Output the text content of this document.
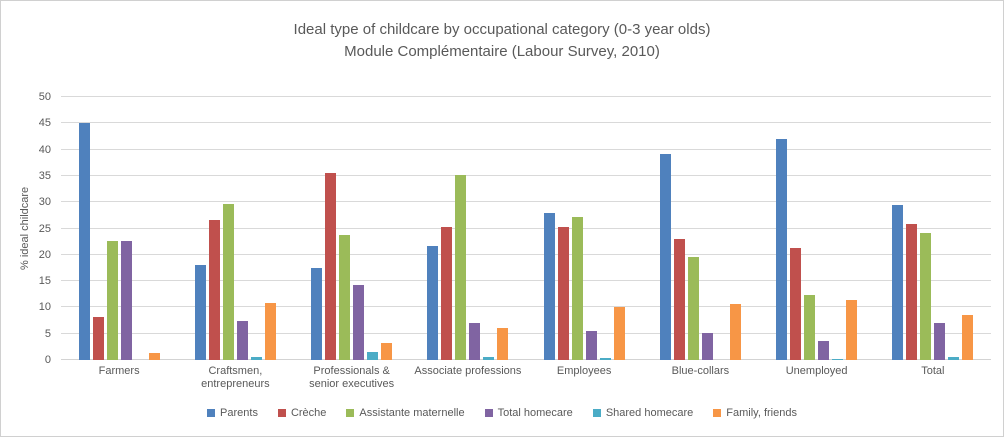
Ideal type of childcare by occupational category (0-3 year olds)
Module Complémentaire (Labour Survey, 2010)
% ideal childcare
0
5
10
15
20
25
30
35
40
45
50
Farmers	Craftsmen, entrepreneurs
Professionals & senior executives
Associate professions	Employees	Blue-collars	Unemployed	Total
Parents	Crèche	Assistante maternelle	Total homecare	Shared homecare	Family, friends
